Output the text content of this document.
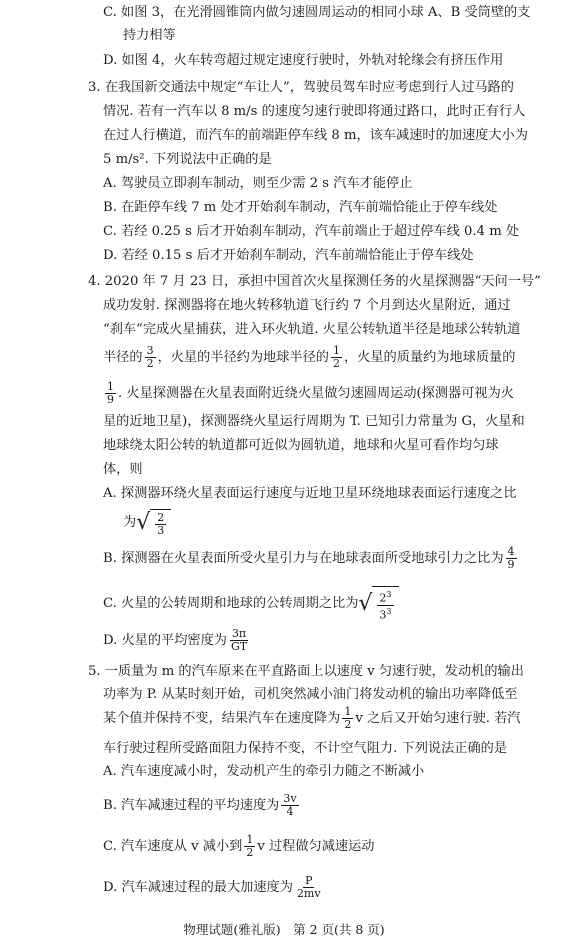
C. 如图 3，在光滑圆锥筒内做匀速圆周运动的相同小球 A、B 受筒壁的支
持力相等
D. 如图 4，火车转弯超过规定速度行驶时，外轨对轮缘会有挤压作用
3. 在我国新交通法中规定“车让人”，驾驶员驾车时应考虑到行人过马路的
情况. 若有一汽车以 8 m/s 的速度匀速行驶即将通过路口，此时正有行人
在过人行横道，而汽车的前端距停车线 8 m，该车减速时的加速度大小为
5 m/s². 下列说法中正确的是
A. 驾驶员立即刹车制动，则至少需 2 s 汽车才能停止
B. 在距停车线 7 m 处才开始刹车制动，汽车前端恰能止于停车线处
C. 若经 0.25 s 后才开始刹车制动，汽车前端止于超过停车线 0.4 m 处
D. 若经 0.15 s 后才开始刹车制动，汽车前端恰能止于停车线处
4. 2020 年 7 月 23 日，承担中国首次火星探测任务的火星探测器“天问一号”
成功发射. 探测器将在地火转移轨道飞行约 7 个月到达火星附近，通过
“刹车”完成火星捕获，进入环火轨道. 火星公转轨道半径是地球公转轨道
半径的 $\frac{3}{2}$ ，火星的半径约为地球半径的 $\frac{1}{2}$ ，火星的质量约为地球质量的
$\frac{1}{9}$ . 火星探测器在火星表面附近绕火星做匀速圆周运动(探测器可视为火
星的近地卫星)，探测器绕火星运行周期为 T. 已知引力常量为 G，火星和
地球绕太阳公转的轨道都可近似为圆轨道，地球和火星可看作均匀球
体，则
A. 探测器环绕火星表面运行速度与近地卫星环绕地球表面运行速度之比
为 √ $\frac{2}{3}$
B. 探测器在火星表面所受火星引力与在地球表面所受地球引力之比为 $\frac{4}{9}$
C. 火星的公转周期和地球的公转周期之比为 √ $\frac{2^3}{3^3}$
D. 火星的平均密度为 $\frac{3\pi}{GT}$
5. 一质量为 m 的汽车原来在平直路面上以速度 v 匀速行驶，发动机的输出
功率为 P. 从某时刻开始，司机突然减小油门将发动机的输出功率降低至
某个值并保持不变，结果汽车在速度降为 $\frac{1}{2}$ v 之后又开始匀速行驶. 若汽
车行驶过程所受路面阻力保持不变，不计空气阻力. 下列说法正确的是
A. 汽车速度减小时，发动机产生的牵引力随之不断减小
B. 汽车减速过程的平均速度为 $\frac{3v}{4}$
C. 汽车速度从 v 减小到 $\frac{1}{2}$ v 过程做匀减速运动
D. 汽车减速过程的最大加速度为 $\frac{P}{2mv}$
物理试题(雅礼版)　第 2 页(共 8 页)
